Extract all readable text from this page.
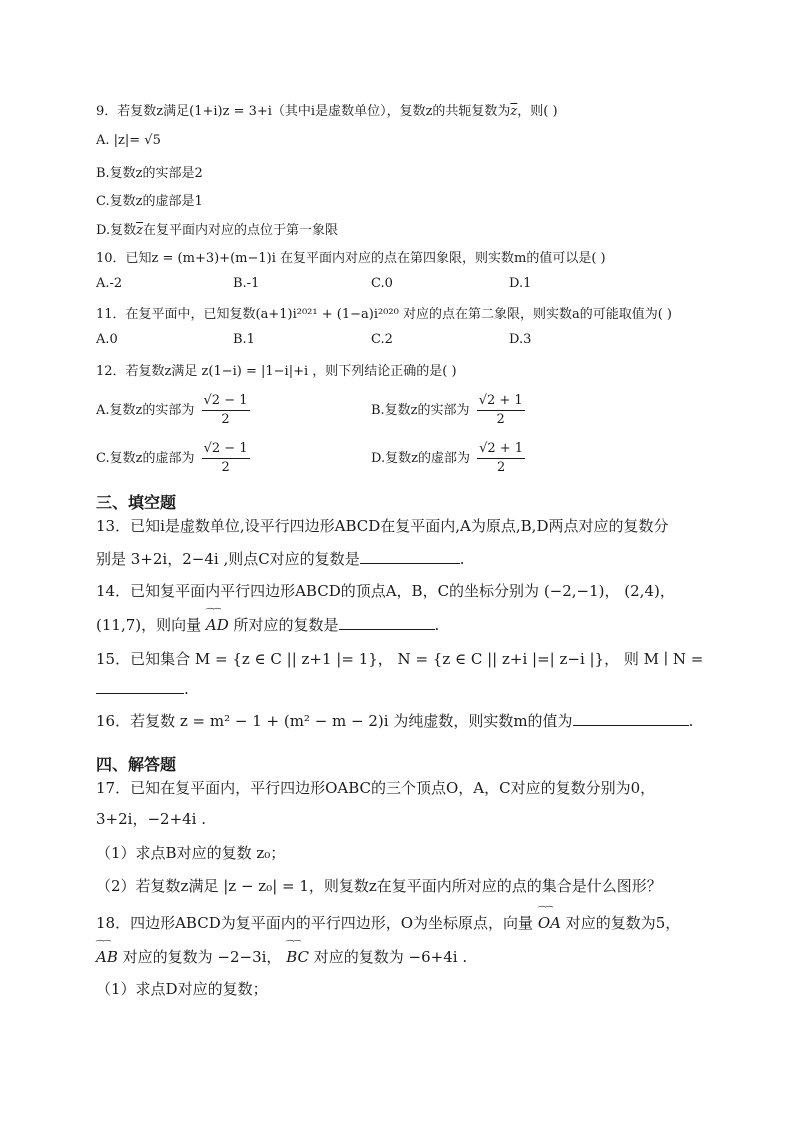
9．若复数z满足(1+i)z = 3+i（其中i是虚数单位），复数z的共轭复数为$\overline{z}$，则( )
A. |z|= √5
B.复数z的实部是2
C.复数z的虚部是1
D.复数$\overline{z}$在复平面内对应的点位于第一象限
10．已知z = (m+3)+(m−1)i 在复平面内对应的点在第四象限，则实数m的值可以是( )
A.-2	B.-1	C.0	D.1
11．在复平面中，已知复数(a+1)i²⁰²¹ + (1−a)i²⁰²⁰ 对应的点在第二象限，则实数a的可能取值为( )
A.0	B.1	C.2	D.3
12．若复数z满足 z(1−i) = |1−i|+i ，则下列结论正确的是( )
A.复数z的实部为 $\frac{√2 - 1}{2}$	B.复数z的实部为 $\frac{√2 + 1}{2}$
C.复数z的虚部为 $\frac{√2 - 1}{2}$	D.复数z的虚部为 $\frac{√2 + 1}{2}$
三、填空题
13．已知i是虚数单位,设平行四边形ABCD在复平面内,A为原点,B,D两点对应的复数分
别是 3+2i，2−4i ,则点C对应的复数是	.
14．已知复平面内平行四边形ABCD的顶点A，B，C的坐标分别为 (−2,−1)， (2,4)，
(11,7)，则向量 ‿‿ AD 所对应的复数是	.
15．已知集合 M = {z ∈ C || z+1 |= 1}， N = {z ∈ C || z+i |=| z−i |}， 则 M ∣ N =
.
16．若复数 z = m² − 1 + (m² − m − 2)i 为纯虚数，则实数m的值为	.
四、解答题
17．已知在复平面内，平行四边形OABC的三个顶点O，A，C对应的复数分别为0，
3+2i，−2+4i .
（1）求点B对应的复数 z₀；
（2）若复数z满足 |z − z₀| = 1，则复数z在复平面内所对应的点的集合是什么图形？
18．四边形ABCD为复平面内的平行四边形，O为坐标原点，向量 ‿‿ OA 对应的复数为5，
‿‿ AB 对应的复数为 −2−3i， ‿‿ BC 对应的复数为 −6+4i .
（1）求点D对应的复数；
